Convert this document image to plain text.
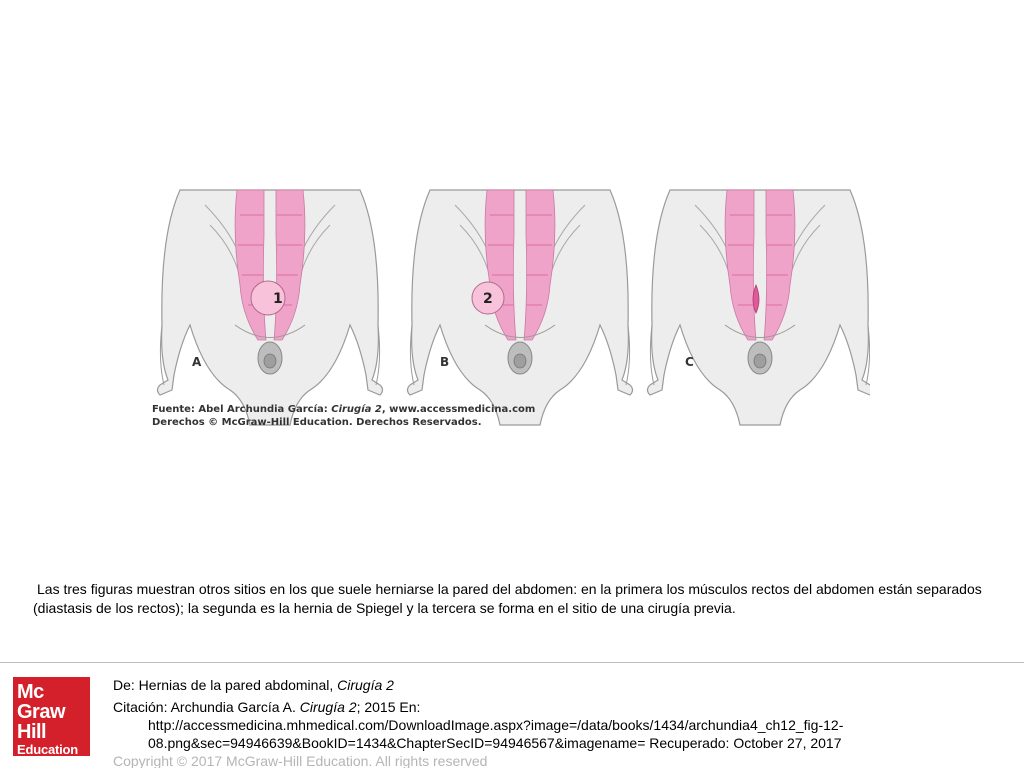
1
A
2
B	C
Fuente: Abel Archundia García: Cirugía 2, www.accessmedicina.com
Derechos © McGraw-Hill Education. Derechos Reservados.

Las tres figuras muestran otros sitios en los que suele herniarse la pared del abdomen: en la primera los músculos rectos del abdomen están separados (diastasis de los rectos); la segunda es la hernia de Spiegel y la tercera se forma en el sitio de una cirugía previa.

Mc
Graw
Hill
Education
De: Hernias de la pared abdominal, Cirugía 2
Citación: Archundia García A. Cirugía 2; 2015 En:
http://accessmedicina.mhmedical.com/DownloadImage.aspx?image=/data/books/1434/archundia4_ch12_fig-12-08.png&sec=94946639&BookID=1434&ChapterSecID=94946567&imagename= Recuperado: October 27, 2017
Copyright © 2017 McGraw-Hill Education. All rights reserved
